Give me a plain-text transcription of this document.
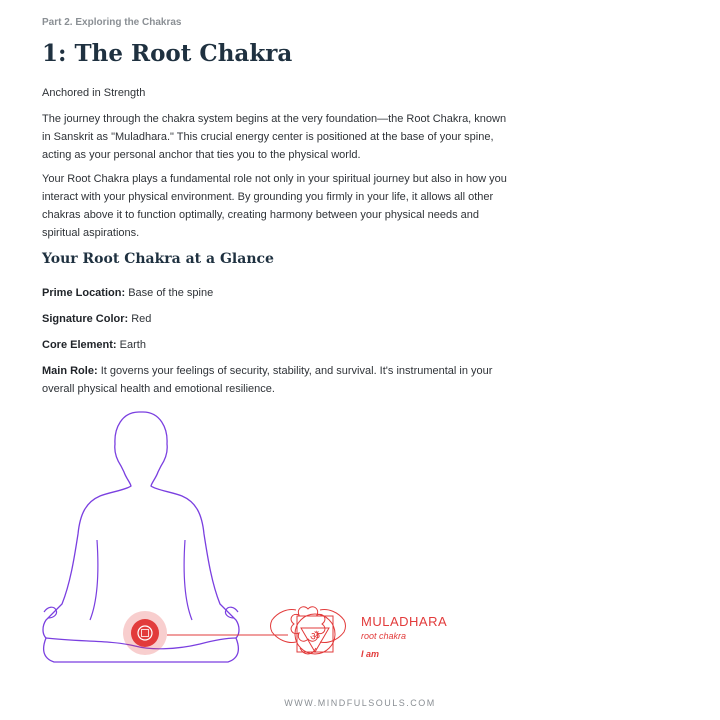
Part 2. Exploring the Chakras
1: The Root Chakra

Anchored in Strength

The journey through the chakra system begins at the very foundation—the Root Chakra, known in Sanskrit as "Muladhara." This crucial energy center is positioned at the base of your spine, acting as your personal anchor that ties you to the physical world.

Your Root Chakra plays a fundamental role not only in your spiritual journey but also in how you interact with your physical environment. By grounding you firmly in your life, it allows all other chakras above it to function optimally, creating harmony between your physical needs and spiritual aspirations.

Your Root Chakra at a Glance
Prime Location: Base of the spine
Signature Color: Red
Core Element: Earth
Main Role: It governs your feelings of security, stability, and survival. It's instrumental in your overall physical health and emotional resilience.
ॐ
MULADHARA
root chakra
I am
WWW.MINDFULSOULS.COM
